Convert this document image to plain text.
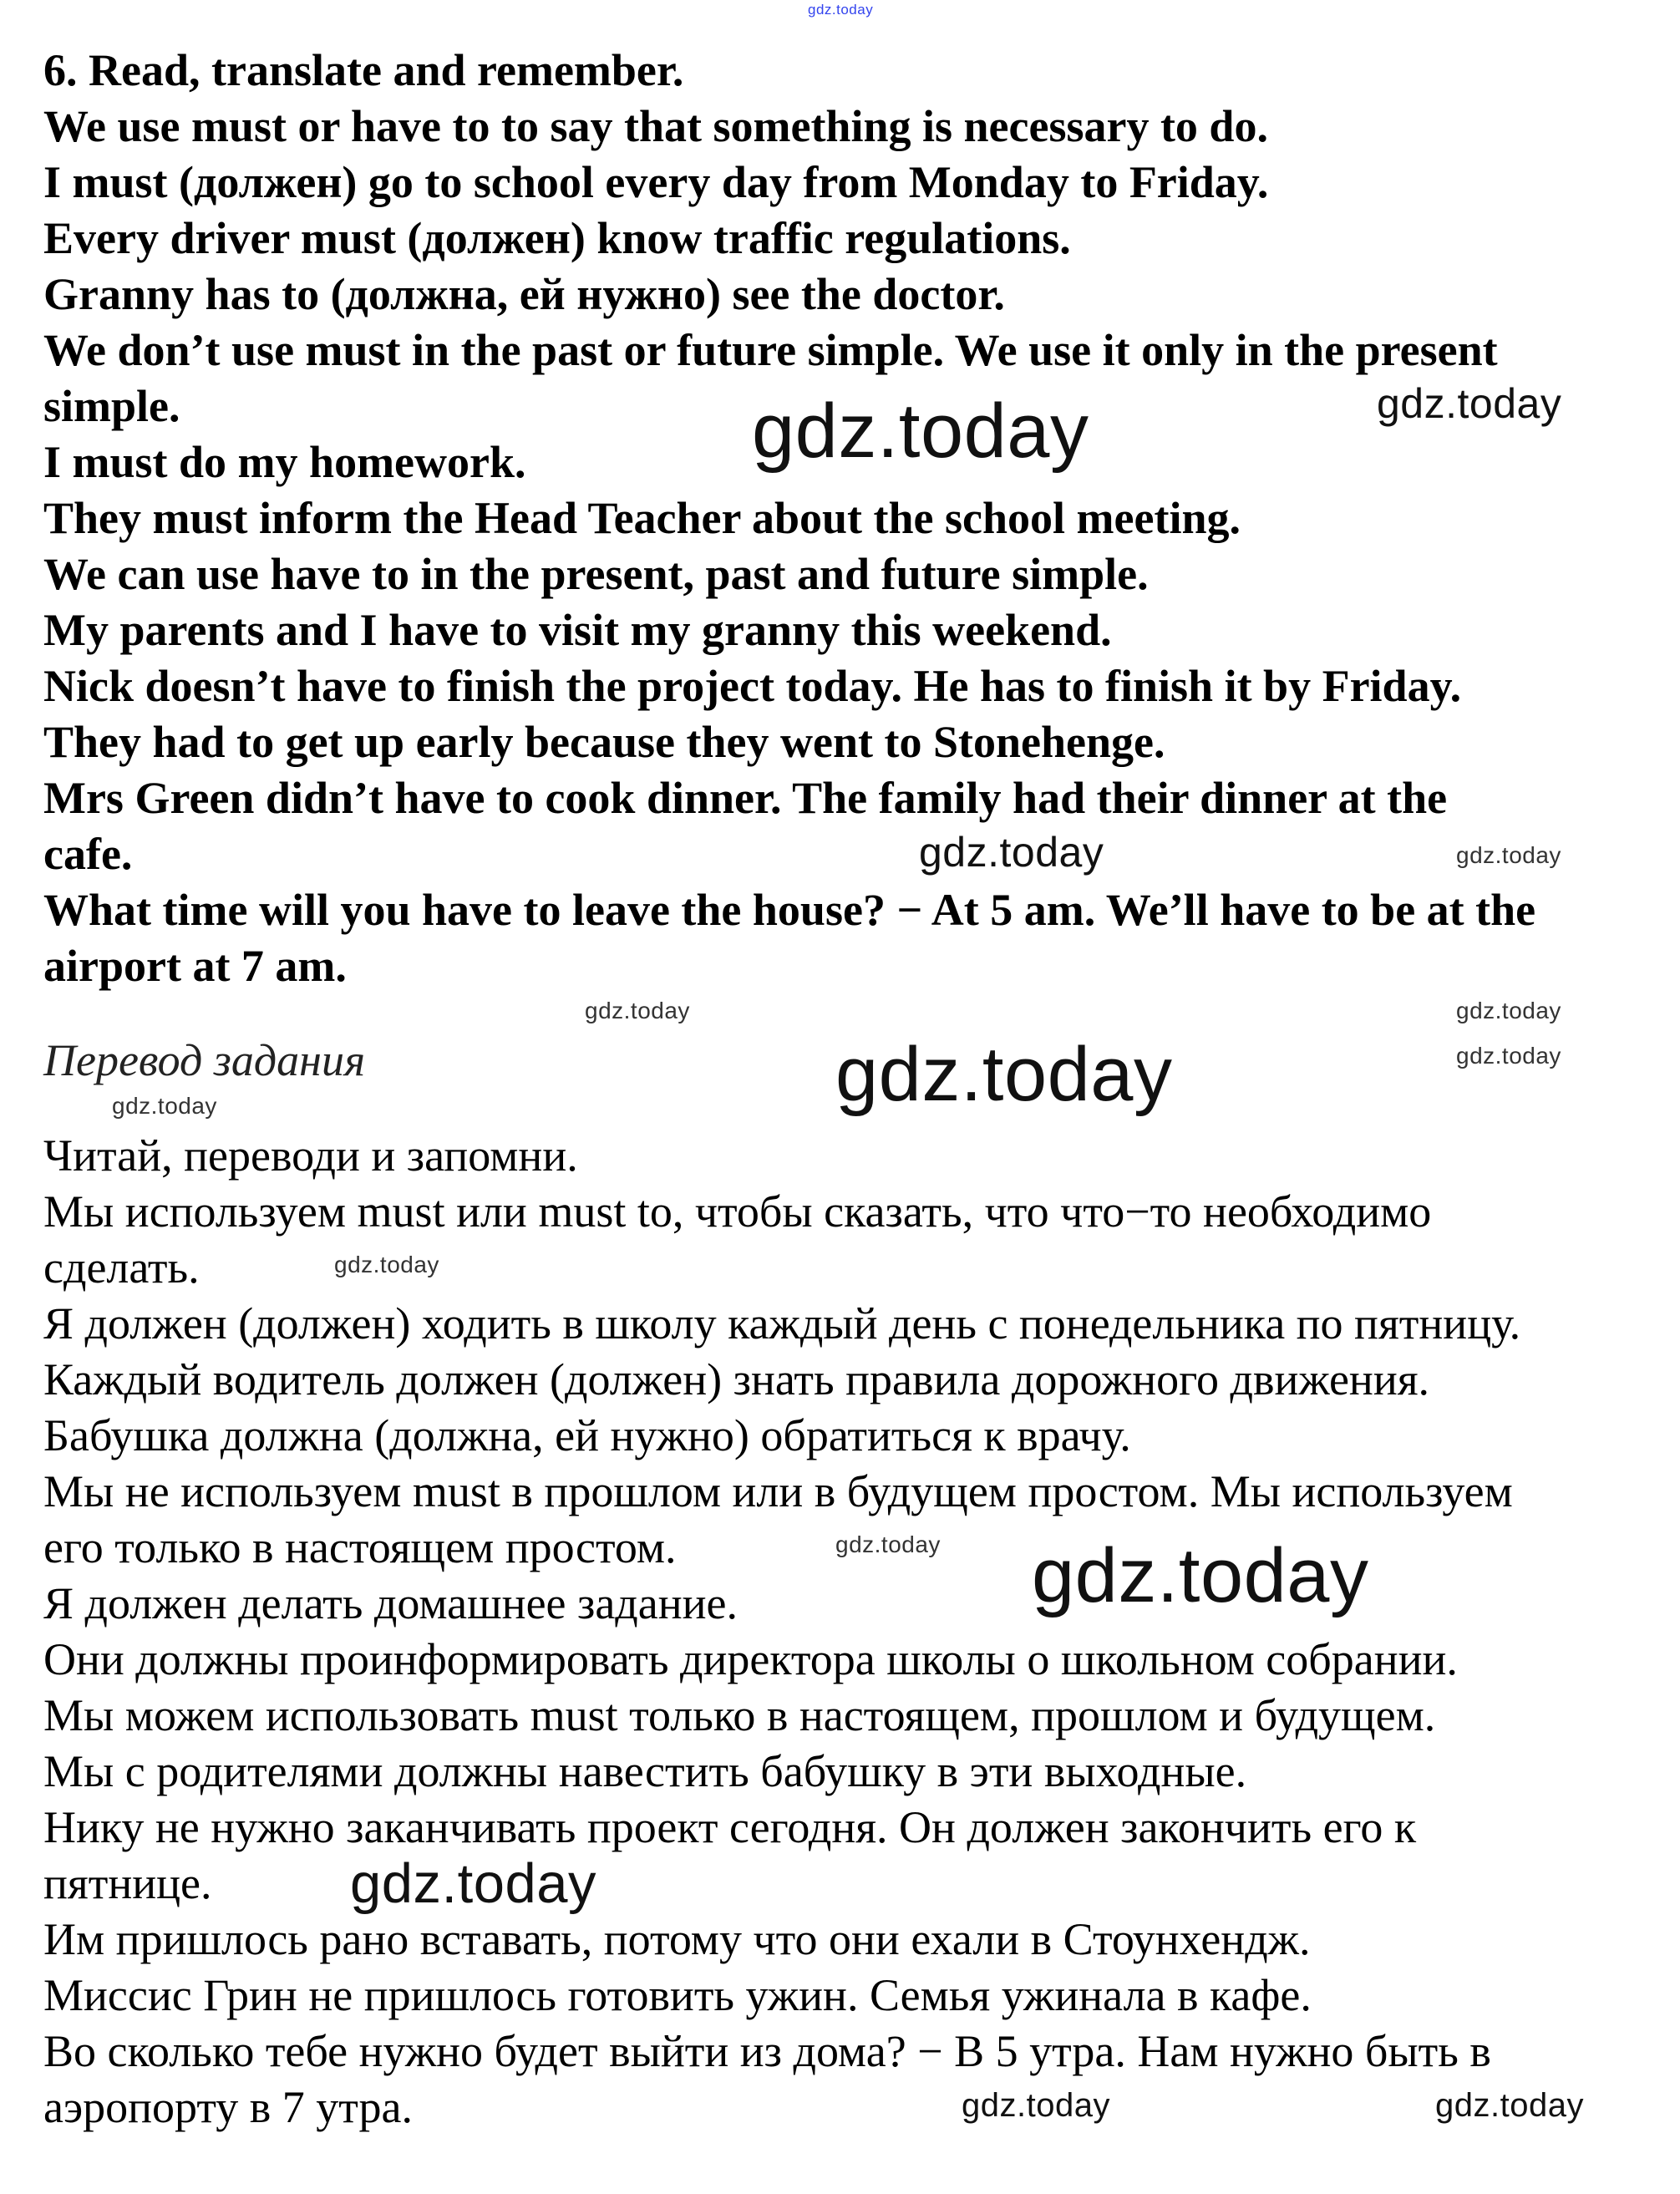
gdz.today
6. Read, translate and remember.
We use must or have to to say that something is necessary to do.
I must (должен) go to school every day from Monday to Friday.
Every driver must (должен) know traffic regulations.
Granny has to (должна, ей нужно) see the doctor.
We don’t use must in the past or future simple. We use it only in the present
simple.
I must do my homework.
They must inform the Head Teacher about the school meeting.
We can use have to in the present, past and future simple.
My parents and I have to visit my granny this weekend.
Nick doesn’t have to finish the project today. He has to finish it by Friday.
They had to get up early because they went to Stonehenge.
Mrs Green didn’t have to cook dinner. The family had their dinner at the
cafe.
What time will you have to leave the house? − At 5 am. We’ll have to be at the
airport at 7 am.
Перевод задания
Читай, переводи и запомни.
Мы используем must или must to, чтобы сказать, что что−то необходимо
сделать.
Я должен (должен) ходить в школу каждый день с понедельника по пятницу.
Каждый водитель должен (должен) знать правила дорожного движения.
Бабушка должна (должна, ей нужно) обратиться к врачу.
Мы не используем must в прошлом или в будущем простом. Мы используем
его только в настоящем простом.
Я должен делать домашнее задание.
Они должны проинформировать директора школы о школьном собрании.
Мы можем использовать must только в настоящем, прошлом и будущем.
Мы с родителями должны навестить бабушку в эти выходные.
Нику не нужно заканчивать проект сегодня. Он должен закончить его к
пятнице.
Им пришлось рано вставать, потому что они ехали в Стоунхендж.
Миссис Грин не пришлось готовить ужин. Семья ужинала в кафе.
Во сколько тебе нужно будет выйти из дома? − В 5 утра. Нам нужно быть в
аэропорту в 7 утра.
gdz.today
gdz.today
gdz.today
gdz.today
gdz.today
gdz.today
gdz.today
gdz.today
gdz.today
gdz.today
gdz.today gdz.today
gdz.today
gdz.today	gdz.today
